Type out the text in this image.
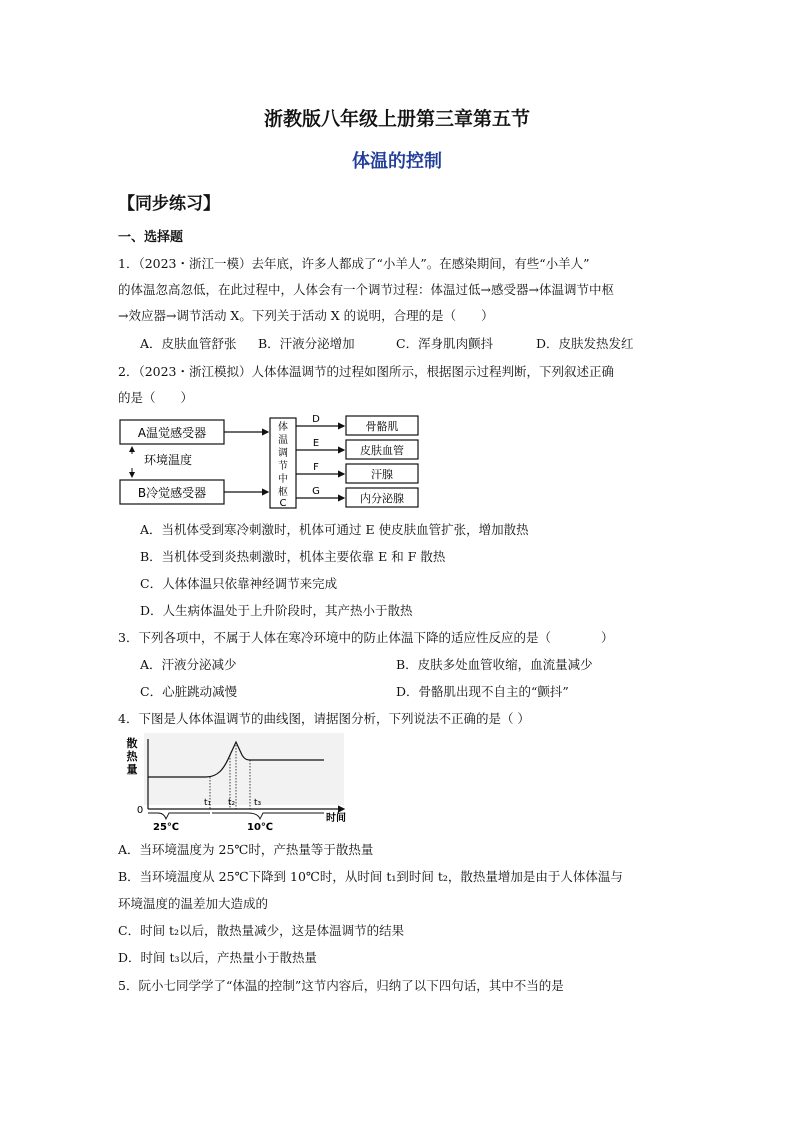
浙教版八年级上册第三章第五节
体温的控制
【同步练习】
一、选择题
1．（2023・浙江一模）去年底，许多人都成了“小羊人”。在感染期间，有些“小羊人”
的体温忽高忽低，在此过程中，人体会有一个调节过程：体温过低→感受器→体温调节中枢
→效应器→调节活动 X。下列关于活动 X 的说明，合理的是（　　）
A．皮肤血管舒张 B．汗液分泌增加	C．浑身肌肉颤抖	D．皮肤发热发红
2．（2023・浙江模拟）人体体温调节的过程如图所示，根据图示过程判断，下列叙述正确
的是（　　）
A温觉感受器
B冷觉感受器
环境温度
体
温
调
节
中
枢
C
D
E
F
G
骨骼肌
皮肤血管
汗腺
内分泌腺
A．当机体受到寒冷刺激时，机体可通过 E 使皮肤血管扩张，增加散热
B．当机体受到炎热刺激时，机体主要依靠 E 和 F 散热
C．人体体温只依靠神经调节来完成
D．人生病体温处于上升阶段时，其产热小于散热
3．下列各项中，不属于人体在寒冷环境中的防止体温下降的适应性反应的是（　　　　）
A．汗液分泌减少	B．皮肤多处血管收缩，血流量减少
C．心脏跳动减慢	D．骨骼肌出现不自主的“颤抖”
4．下图是人体体温调节的曲线图，请据图分析，下列说法不正确的是（ ）
散
热
量
0
t₁ t₂ t₃
25℃	10℃
时间
A．当环境温度为 25℃时，产热量等于散热量
B．当环境温度从 25℃下降到 10℃时，从时间 t₁到时间 t₂，散热量增加是由于人体体温与
环境温度的温差加大造成的
C．时间 t₂以后，散热量减少，这是体温调节的结果
D．时间 t₃以后，产热量小于散热量
5．阮小七同学学了“体温的控制”这节内容后，归纳了以下四句话，其中不当的是
